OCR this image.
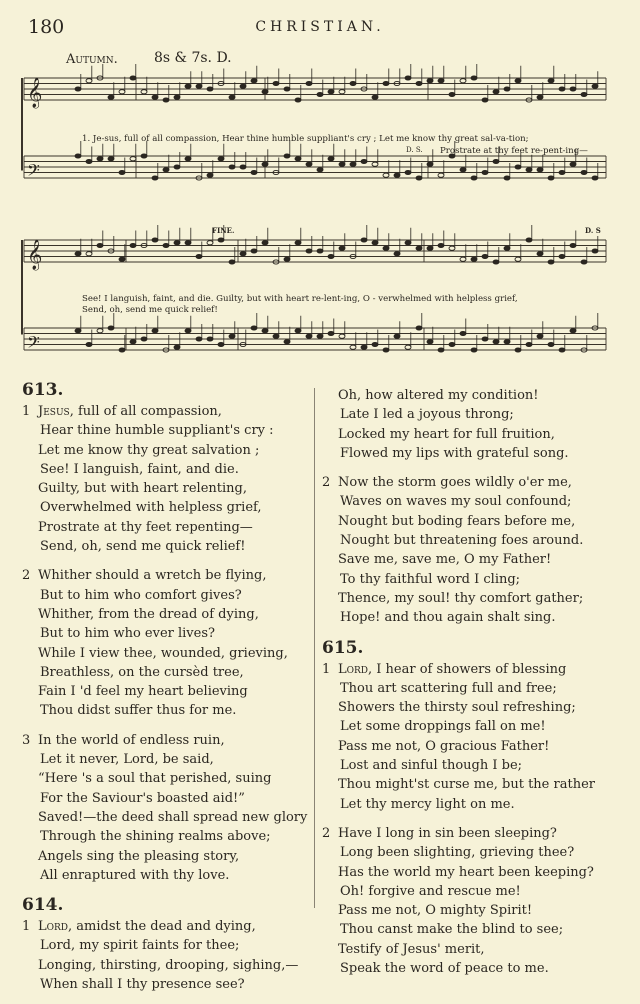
180	CHRISTIAN.
Autumn.	8s & 7s. D.
𝄞
𝄢
𝄞
𝄢
1. Je-sus, full of all compassion, Hear thine humble suppliant's cry ; Let me know thy great sal-va-tion;
D. S. Prostrate at thy feet re-pent-ing—
FINE.	D. S
See! I languish, faint, and die. Guilty, but with heart re-lent-ing, O - verwhelmed with helpless grief,
Send, oh, send me quick relief!
613.
1 Jesus, full of all compassion,
Hear thine humble suppliant's cry :
Let me know thy great salvation ;
See! I languish, faint, and die.
Guilty, but with heart relenting,
Overwhelmed with helpless grief,
Prostrate at thy feet repenting—
Send, oh, send me quick relief!
2 Whither should a wretch be flying,
But to him who comfort gives?
Whither, from the dread of dying,
But to him who ever lives?
While I view thee, wounded, grieving,
Breathless, on the cursèd tree,
Fain I 'd feel my heart believing
Thou didst suffer thus for me.
3 In the world of endless ruin,
Let it never, Lord, be said,
“Here 's a soul that perished, suing
For the Saviour's boasted aid!”
Saved!—the deed shall spread new glory
Through the shining realms above;
Angels sing the pleasing story,
All enraptured with thy love.
614.
1 Lord, amidst the dead and dying,
Lord, my spirit faints for thee;
Longing, thirsting, drooping, sighing,—
When shall I thy presence see?
Oh, how altered my condition!
Late I led a joyous throng;
Locked my heart for full fruition,
Flowed my lips with grateful song.
2 Now the storm goes wildly o'er me,
Waves on waves my soul confound;
Nought but boding fears before me,
Nought but threatening foes around.
Save me, save me, O my Father!
To thy faithful word I cling;
Thence, my soul! thy comfort gather;
Hope! and thou again shalt sing.
615.
1 Lord, I hear of showers of blessing
Thou art scattering full and free;
Showers the thirsty soul refreshing;
Let some droppings fall on me!
Pass me not, O gracious Father!
Lost and sinful though I be;
Thou might'st curse me, but the rather
Let thy mercy light on me.
2 Have I long in sin been sleeping?
Long been slighting, grieving thee?
Has the world my heart been keeping?
Oh! forgive and rescue me!
Pass me not, O mighty Spirit!
Thou canst make the blind to see;
Testify of Jesus' merit,
Speak the word of peace to me.
